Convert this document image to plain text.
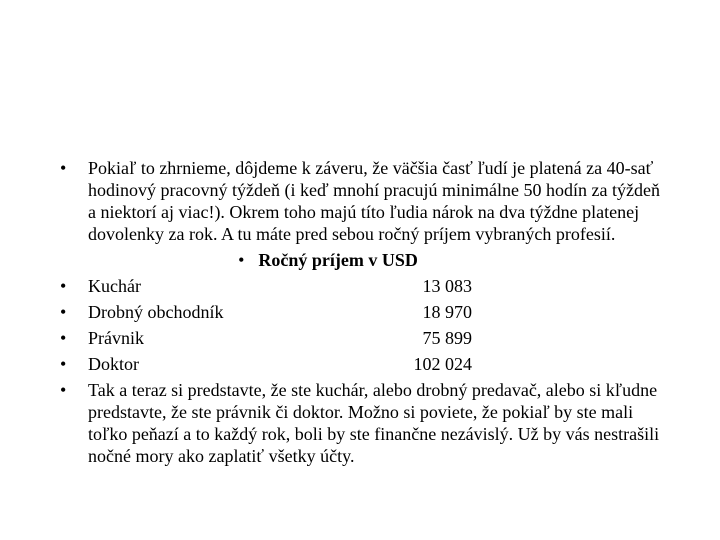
•	Pokiaľ to zhrnieme, dôjdeme k záveru, že väčšia časť ľudí je platená za 40-sať hodinový pracovný týždeň (i keď mnohí pracujú minimálne 50 hodín za týždeň a niektorí aj viac!). Okrem toho majú títo ľudia nárok na dva týždne platenej dovolenky za rok. A tu máte pred sebou ročný príjem vybraných profesií.
• Ročný príjem v USD
•	Kuchár	13 083
•	Drobný obchodník	18 970
•	Právnik	75 899
•	Doktor	102 024
•	Tak a teraz si predstavte, že ste kuchár, alebo drobný predavač, alebo si kľudne predstavte, že ste právnik či doktor. Možno si poviete, že pokiaľ by ste mali toľko peňazí a to každý rok, boli by ste finančne nezávislý. Už by vás nestrašili nočné mory ako zaplatiť všetky účty.
